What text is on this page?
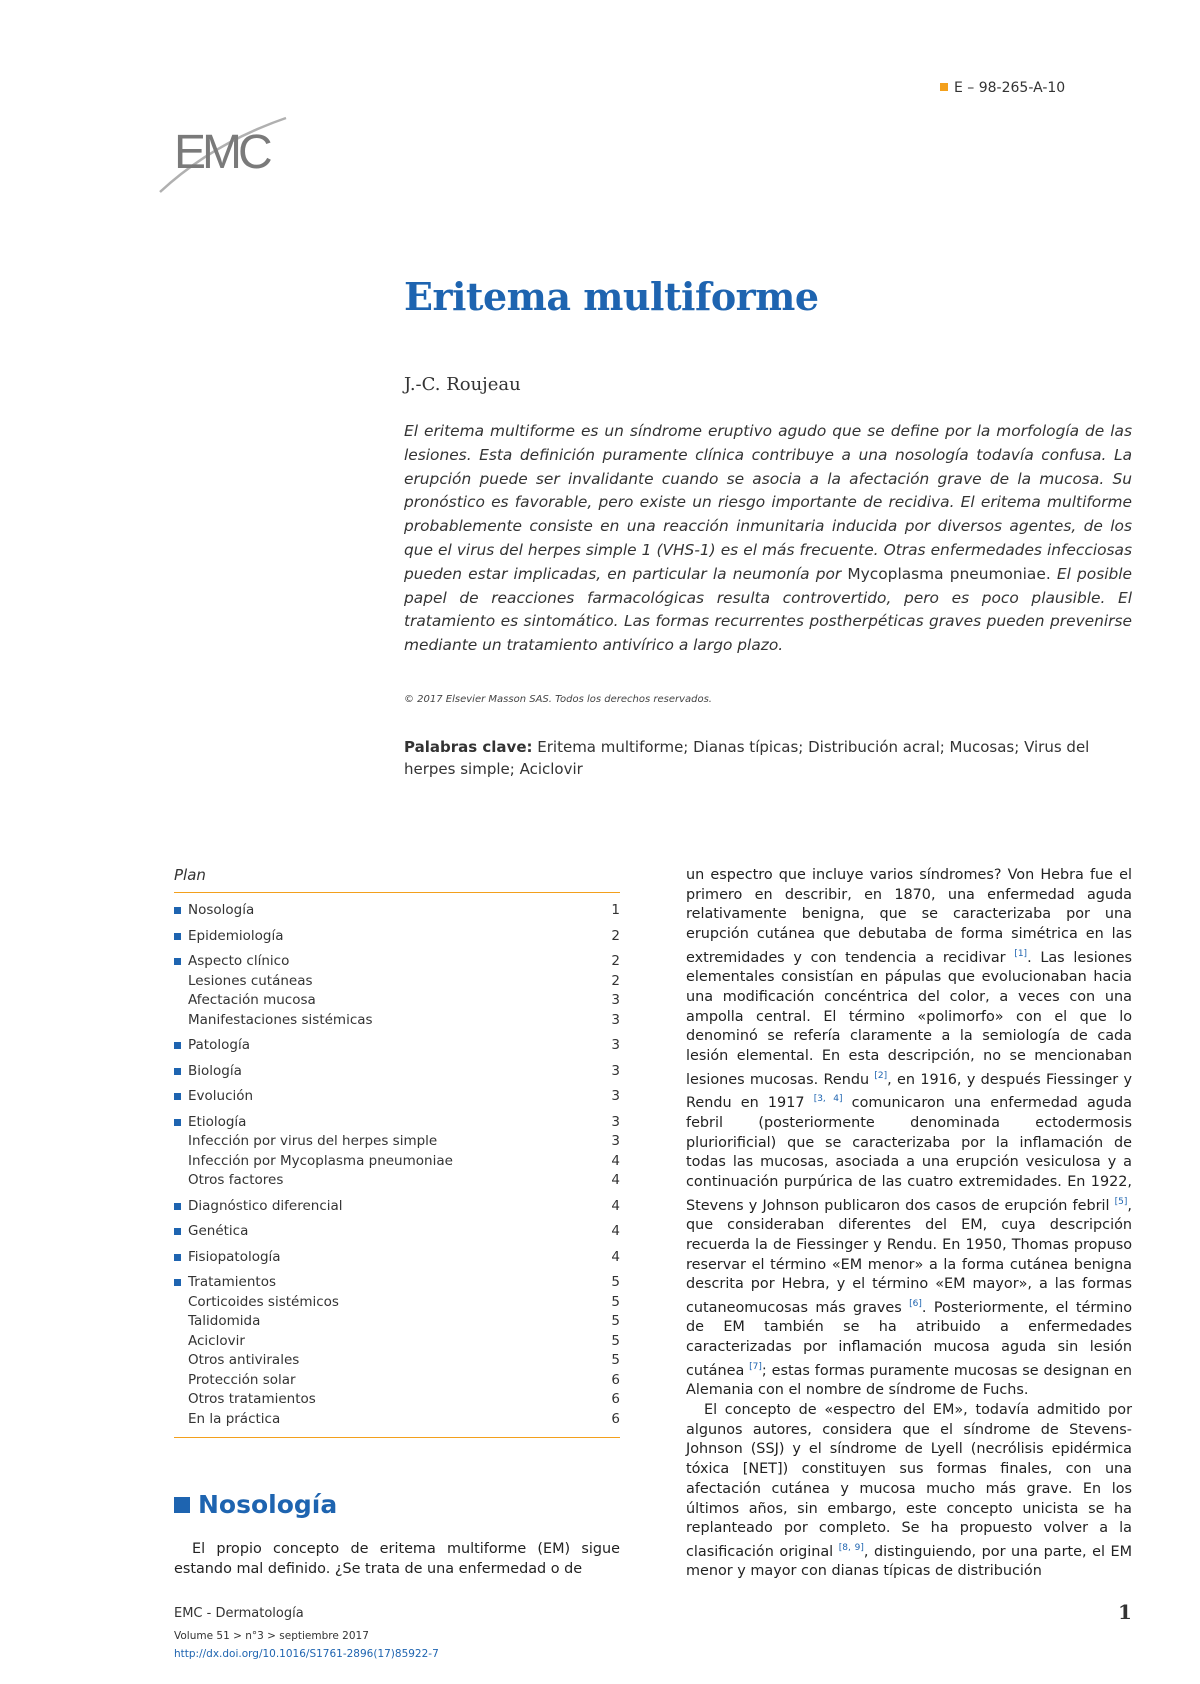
E – 98-265-A-10
EMC
Eritema multiforme
J.-C. Roujeau
El eritema multiforme es un síndrome eruptivo agudo que se define por la morfología de las lesiones. Esta definición puramente clínica contribuye a una nosología todavía confusa. La erupción puede ser invalidante cuando se asocia a la afectación grave de la mucosa. Su pronóstico es favorable, pero existe un riesgo importante de recidiva. El eritema multiforme probablemente consiste en una reacción inmunitaria inducida por diversos agentes, de los que el virus del herpes simple 1 (VHS-1) es el más frecuente. Otras enfermedades infecciosas pueden estar implicadas, en particular la neumonía por Mycoplasma pneumoniae. El posible papel de reacciones farmacológicas resulta controvertido, pero es poco plausible. El tratamiento es sintomático. Las formas recurrentes postherpéticas graves pueden prevenirse mediante un tratamiento antivírico a largo plazo.
© 2017 Elsevier Masson SAS. Todos los derechos reservados.
Palabras clave: Eritema multiforme; Dianas típicas; Distribución acral; Mucosas; Virus del herpes simple; Aciclovir
Plan
Nosología	1
Epidemiología	2
Aspecto clínico	2
Lesiones cutáneas	2
Afectación mucosa	3
Manifestaciones sistémicas	3
Patología	3
Biología	3
Evolución	3
Etiología	3
Infección por virus del herpes simple	3
Infección por Mycoplasma pneumoniae	4
Otros factores	4
Diagnóstico diferencial	4
Genética	4
Fisiopatología	4
Tratamientos	5
Corticoides sistémicos	5
Talidomida	5
Aciclovir	5
Otros antivirales	5
Protección solar	6
Otros tratamientos	6
En la práctica	6
Nosología

El propio concepto de eritema multiforme (EM) sigue estando mal definido. ¿Se trata de una enfermedad o de

un espectro que incluye varios síndromes? Von Hebra fue el primero en describir, en 1870, una enfermedad aguda relativamente benigna, que se caracterizaba por una erupción cutánea que debutaba de forma simétrica en las extremidades y con tendencia a recidivar [1]. Las lesiones elementales consistían en pápulas que evolucionaban hacia una modificación concéntrica del color, a veces con una ampolla central. El término «polimorfo» con el que lo denominó se refería claramente a la semiología de cada lesión elemental. En esta descripción, no se mencionaban lesiones mucosas. Rendu [2], en 1916, y después Fiessinger y Rendu en 1917 [3, 4] comunicaron una enfermedad aguda febril (posteriormente denominada ectodermosis pluriorificial) que se caracterizaba por la inflamación de todas las mucosas, asociada a una erupción vesiculosa y a continuación purpúrica de las cuatro extremidades. En 1922, Stevens y Johnson publicaron dos casos de erupción febril [5], que consideraban diferentes del EM, cuya descripción recuerda la de Fiessinger y Rendu. En 1950, Thomas propuso reservar el término «EM menor» a la forma cutánea benigna descrita por Hebra, y el término «EM mayor», a las formas cutaneomucosas más graves [6]. Posteriormente, el término de EM también se ha atribuido a enfermedades caracterizadas por inflamación mucosa aguda sin lesión cutánea [7]; estas formas puramente mucosas se designan en Alemania con el nombre de síndrome de Fuchs.

El concepto de «espectro del EM», todavía admitido por algunos autores, considera que el síndrome de Stevens-Johnson (SSJ) y el síndrome de Lyell (necrólisis epidérmica tóxica [NET]) constituyen sus formas finales, con una afectación cutánea y mucosa mucho más grave. En los últimos años, sin embargo, este concepto unicista se ha replanteado por completo. Se ha propuesto volver a la clasificación original [8, 9], distinguiendo, por una parte, el EM menor y mayor con dianas típicas de distribución

EMC - Dermatología	1
Volume 51 > n°3 > septiembre 2017
http://dx.doi.org/10.1016/S1761-2896(17)85922-7
